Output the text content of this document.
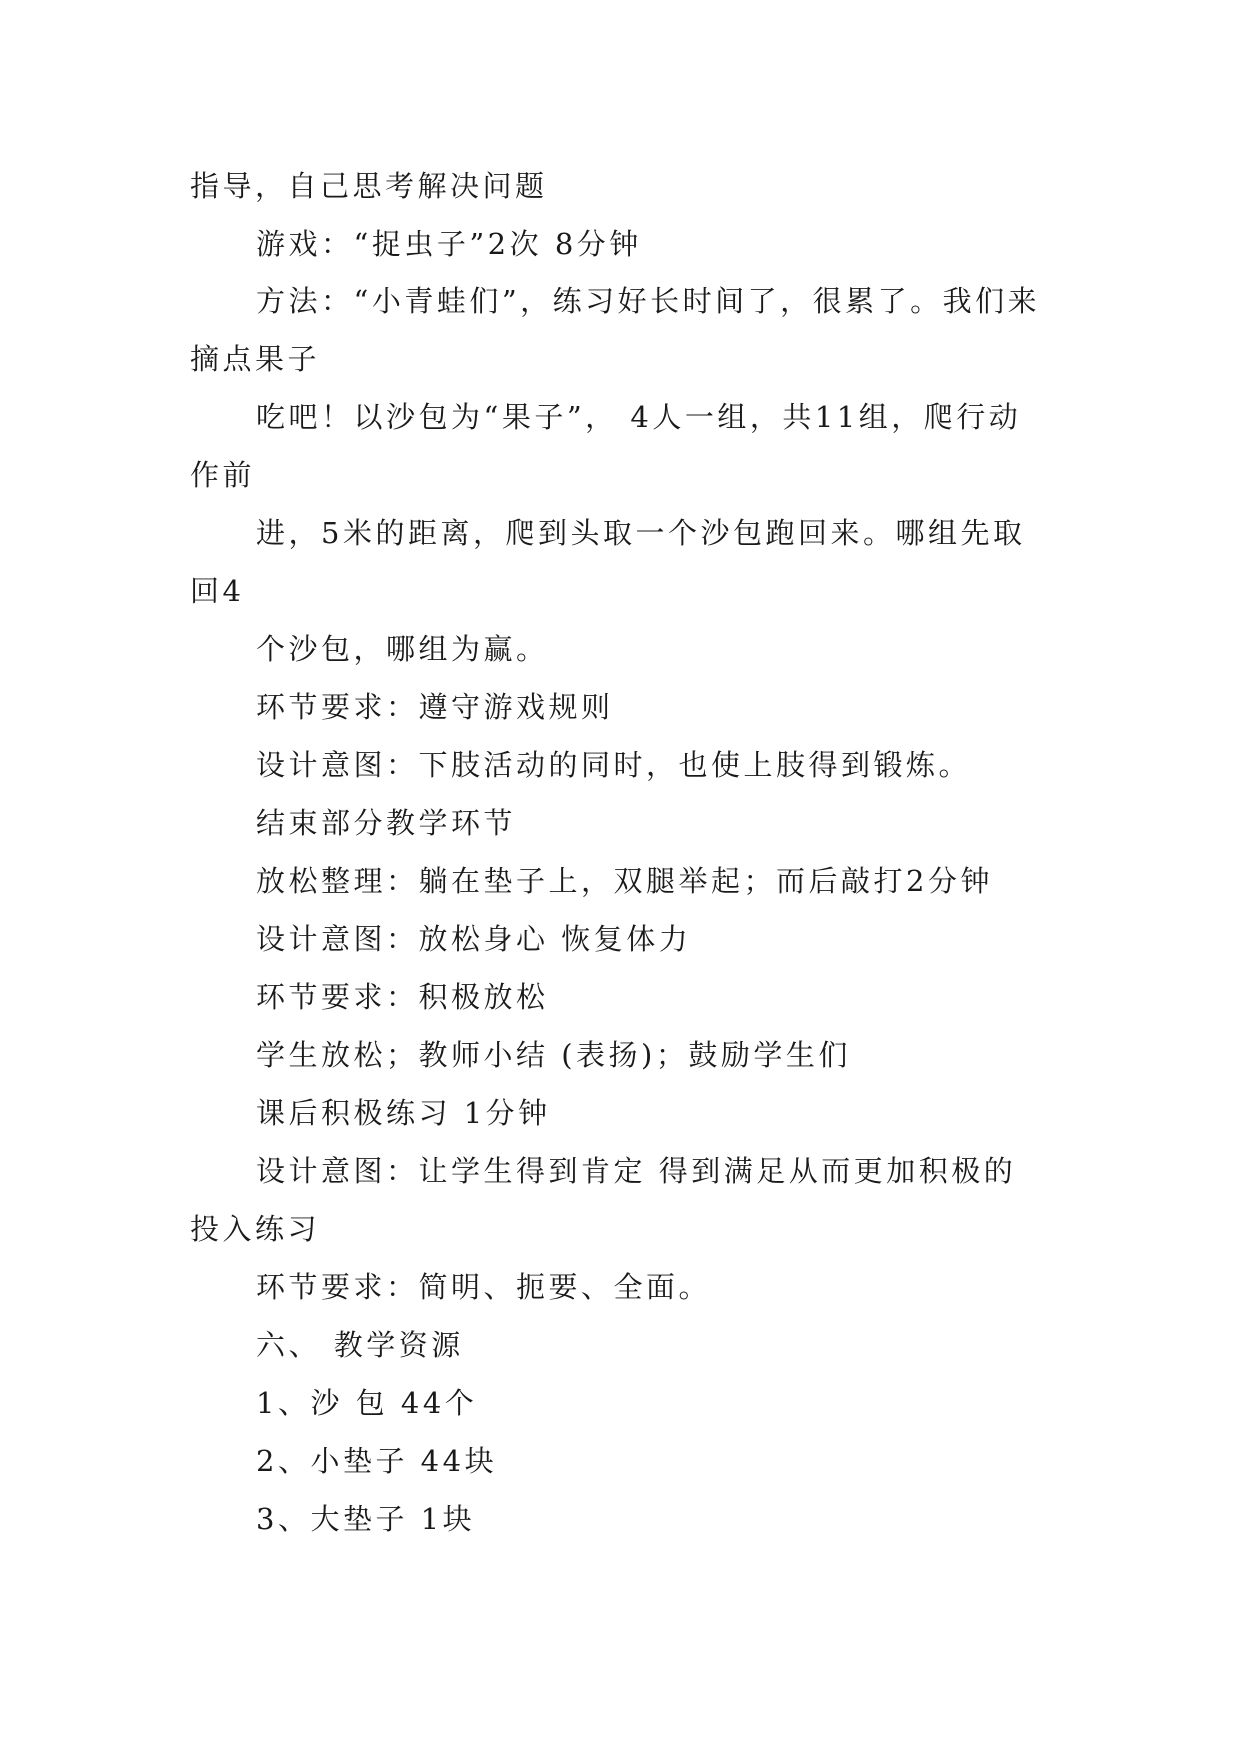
指导，自己思考解决问题
游戏：“捉虫子”2次 8分钟
方法：“小青蛙们”，练习好长时间了，很累了。我们来
摘点果子
吃吧！以沙包为“果子”， 4人一组，共11组，爬行动
作前
进，5米的距离，爬到头取一个沙包跑回来。哪组先取
回4
个沙包，哪组为赢。
环节要求：遵守游戏规则
设计意图：下肢活动的同时，也使上肢得到锻炼。
结束部分教学环节
放松整理：躺在垫子上，双腿举起；而后敲打2分钟
设计意图：放松身心 恢复体力
环节要求：积极放松
学生放松；教师小结 (表扬)；鼓励学生们
课后积极练习 1分钟
设计意图：让学生得到肯定 得到满足从而更加积极的
投入练习
环节要求：简明、扼要、全面。
六、 教学资源
1、沙 包 44个
2、小垫子 44块
3、大垫子 1块
